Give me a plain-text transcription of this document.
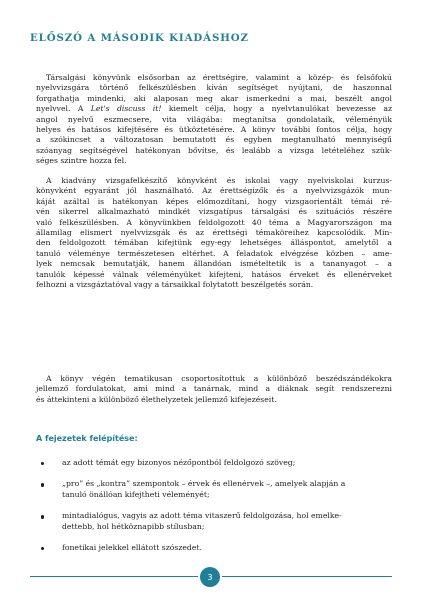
ELŐSZÓ A MÁSODIK KIADÁSHOZ
Társalgási könyvünk elsősorban az érettségire, valamint a közép- és felsőfokú
nyelvvizsgára történő felkészülésben kíván segítséget nyújtani, de haszonnal
forgathatja mindenki, aki alaposan meg akar ismerkedni a mai, beszélt angol
nyelvvel. A Let's discuss it! kiemelt célja, hogy a nyelvtanulókat bevezesse az
angol nyelvű eszmecsere, vita világába: megtanítsa gondolataik, véleményük
helyes és hatásos kifejtésére és ütköztetésére. A könyv további fontos célja, hogy
a szókincset a változatosan bemutatott és egyben megtanulható mennyiségű
szóanyag segítségével hatékonyan bővítse, és lealább a vizsga letételéhez szük-
séges szintre hozza fel.
A kiadvány vizsgafelkészítő könyvként és iskolai vagy nyelviskolai kurzus-
könyvként egyaránt jól használható. Az érettségizők és a nyelvvizsgázók mun-
káját azáltal is hatékonyan képes előmozdítani, hogy vizsgaorientált témái ré-
vén sikerrel alkalmazható mindkét vizsgatípus társalgási és szituációs részére
való felkészülésben. A könyvünkben feldolgozott 40 téma a Magyarországon ma
államilag elismert nyelvvizsgák és az érettségi témaköreihez kapcsolódik. Min-
den feldolgozott témában kifejtünk egy-egy lehetséges álláspontot, amelytől a
tanuló véleménye természetesen eltérhet. A feladatok elvégzése közben – ame-
lyek nemcsak bemutatják, hanem állandóan ismételtetik is a tananyagot – a
tanulók képessé válnak véleményüket kifejteni, hatásos érveket és ellenérveket
felhozni a vizsgáztatóval vagy a társaikkal folytatott beszélgetés során.
A könyv végén tematikusan csoportosítottuk a különböző beszédszándékokra
jellemző fordulatokat, ami mind a tanárnak, mind a diáknak segít rendszerezni
és áttekinteni a különböző élethelyzetek jellemző kifejezéseit.
A fejezetek felépítése:
az adott témát egy bizonyos nézőpontból feldolgozó szöveg;
„pro” és „kontra” szempontok – érvek és ellenérvek –, amelyek alapján a
tanuló önállóan kifejtheti véleményét;
mintadialógus, vagyis az adott téma vitaszerű feldolgozása, hol emelke-
dettebb, hol hétköznapibb stílusban;
fonetikai jelekkel ellátott szószedet.
3
